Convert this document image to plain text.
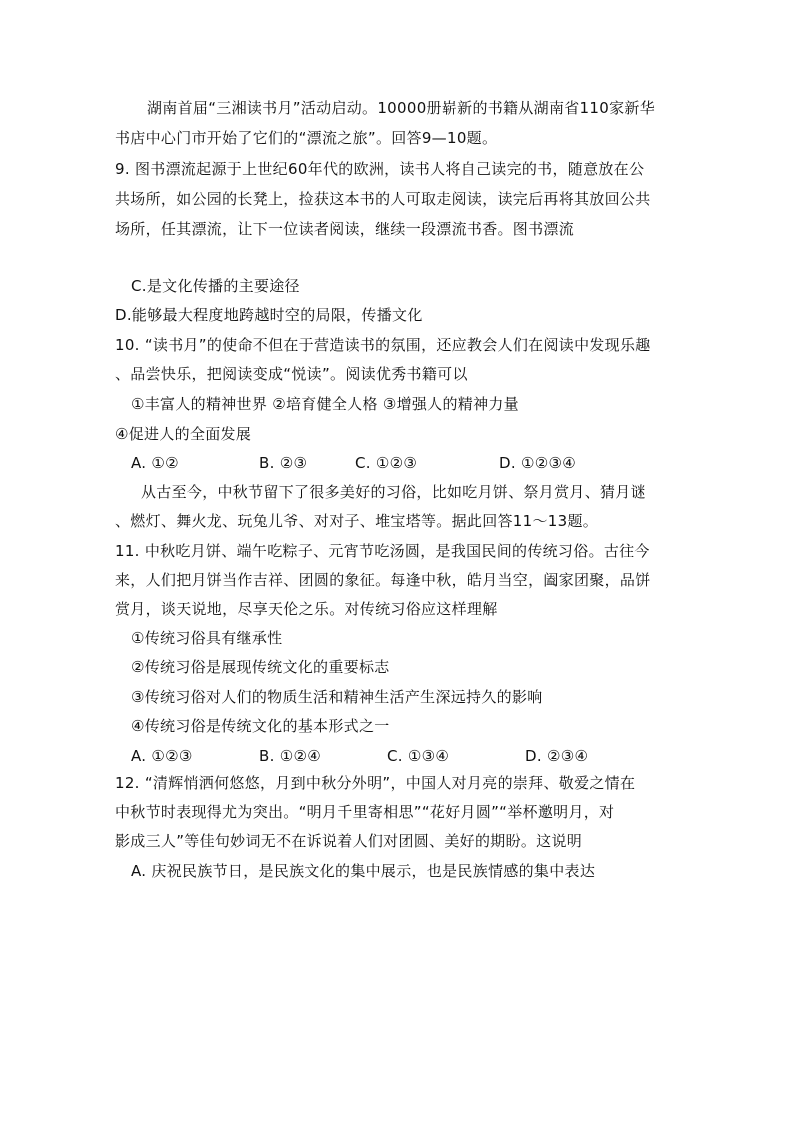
湖南首届“三湘读书月”活动启动。10000册崭新的书籍从湖南省110家新华
书店中心门市开始了它们的“漂流之旅”。回答9—10题。
9. 图书漂流起源于上世纪60年代的欧洲，读书人将自己读完的书，随意放在公
共场所，如公园的长凳上，捡获这本书的人可取走阅读，读完后再将其放回公共
场所，任其漂流，让下一位读者阅读，继续一段漂流书香。图书漂流
C.是文化传播的主要途径
D.能够最大程度地跨越时空的局限，传播文化
10. “读书月”的使命不但在于营造读书的氛围，还应教会人们在阅读中发现乐趣
、品尝快乐，把阅读变成“悦读”。阅读优秀书籍可以
①丰富人的精神世界 ②培育健全人格 ③增强人的精神力量
④促进人的全面发展
A. ①②	B. ②③	C. ①②③	D. ①②③④
从古至今，中秋节留下了很多美好的习俗，比如吃月饼、祭月赏月、猜月谜
、燃灯、舞火龙、玩兔儿爷、对对子、堆宝塔等。据此回答11～13题。
11. 中秋吃月饼、端午吃粽子、元宵节吃汤圆，是我国民间的传统习俗。古往今
来，人们把月饼当作吉祥、团圆的象征。每逢中秋，皓月当空，阖家团聚，品饼
赏月，谈天说地，尽享天伦之乐。对传统习俗应这样理解
①传统习俗具有继承性
②传统习俗是展现传统文化的重要标志
③传统习俗对人们的物质生活和精神生活产生深远持久的影响
④传统习俗是传统文化的基本形式之一
A. ①②③	B. ①②④	C. ①③④	D. ②③④
12. “清辉悄洒何悠悠，月到中秋分外明”，中国人对月亮的崇拜、敬爱之情在
中秋节时表现得尤为突出。“明月千里寄相思”“花好月圆”“举杯邀明月，对
影成三人”等佳句妙词无不在诉说着人们对团圆、美好的期盼。这说明
A. 庆祝民族节日，是民族文化的集中展示，也是民族情感的集中表达
